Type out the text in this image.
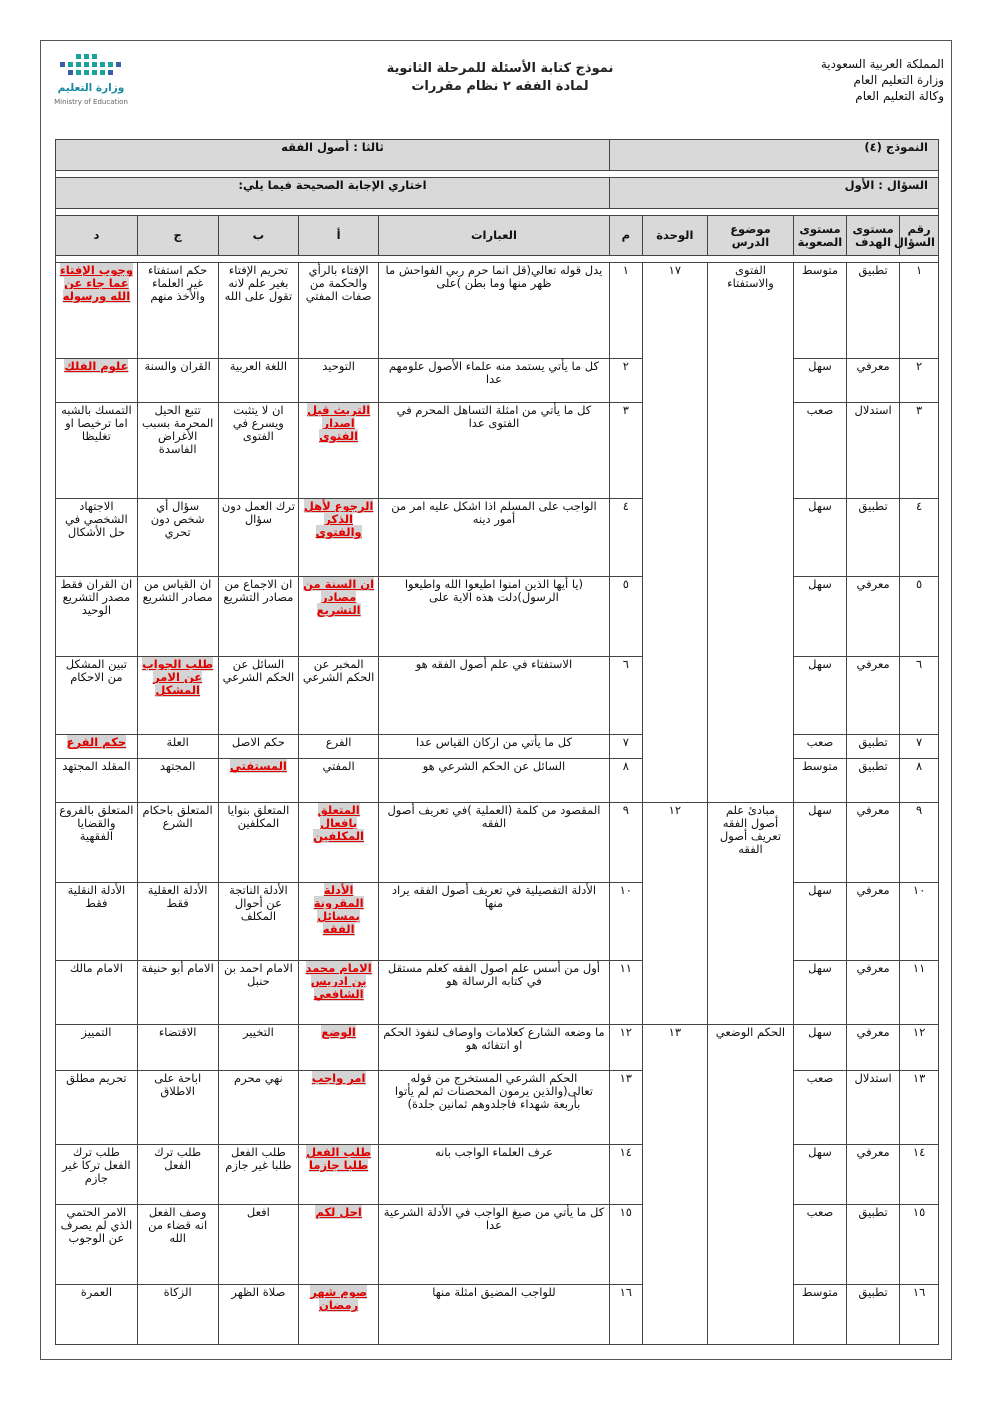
وزارة التعليم
Ministry of Education
نموذج كتابة الأسئلة للمرحلة الثانوية
لمادة الفقه ٢ نظام مقررات
المملكة العربية السعودية
وزارة التعليم العام
وكالة التعليم العام
النموذج (٤)						ثالثا : أصول الفقه				

السؤال : الأول						اختاري الإجابة الصحيحة فيما يلي:				

رقم السؤال	مستوى الهدف	مستوى الصعوبة	موضوع الدرس	الوحدة	م	العبارات	أ	ب	ج	د

١	تطبيق	متوسط	الفتوى والاستفتاء	١٧	١	يدل قوله تعالي(قل انما حرم ربي الفواحش ما ظهر منها وما بطن )على	الإفتاء بالرأي والحكمة من صفات المفتي	تحريم الإفتاء بغير علم لانه تقول على الله	حكم استفتاء غير العلماء والأخذ منهم	وجوب الإفتاء عما جاء عن الله ورسوله
٢	معرفي	سهل			٢	كل ما يأتي يستمد منه علماء الأصول علومهم عدا	التوحيد	اللغة العربية	القران والسنة	علوم الفلك
٣	استدلال	صعب			٣	كل ما يأتي من امثلة التساهل المحرم في الفتوى عدا	التريث قبل اصدار الفتوى	ان لا يتثبت ويسرع في الفتوى	تتبع الحيل المحرمة بسبب الأغراض الفاسدة	التمسك بالشبه اما ترخيصا او تغليظا
٤	تطبيق	سهل			٤	الواجب على المسلم اذا اشكل عليه امر من أمور دينه	الرجوع لأهل الذكر والفتوى	ترك العمل دون سؤال	سؤال أي شخص دون تحري	الاجتهاد الشخصي في حل الأشكال
٥	معرفي	سهل			٥	(يا أيها الذين امنوا اطيعوا الله واطيعوا الرسول)دلت هذه الاية على	ان السنة من مصادر التشريع	ان الاجماع من مصادر التشريع	ان القياس من مصادر التشريع	ان القران فقط مصدر التشريع الوحيد
٦	معرفي	سهل			٦	الاستفتاء في علم أصول الفقه هو	المخبر عن الحكم الشرعي	السائل عن الحكم الشرعي	طلب الجواب عن الامر المشكل	تبين المشكل من الاحكام
٧	تطبيق	صعب			٧	كل ما يأتي من اركان القياس عدا	الفرع	حكم الاصل	العلة	حكم الفرع
٨	تطبيق	متوسط			٨	السائل عن الحكم الشرعي هو	المفتي	المستفتي	المجتهد	المقلد المجتهد
٩	معرفي	سهل	مبادئ علم أصول الفقه تعريف أصول الفقه	١٢	٩	المقصود من كلمة (العملية )في تعريف أصول الفقه	المتعلق بافعال المكلفين	المتعلق بنوايا المكلفين	المتعلق باحكام الشرع	المتعلق بالفروع والقضايا الفقهية
١٠	معرفي	سهل			١٠	الأدلة التفصيلية في تعريف أصول الفقه يراد منها	الأدلة المقرونة بمسائل الفقه	الأدلة الناتجة عن أحوال المكلف	الأدلة العقلية فقط	الأدلة النقلية فقط
١١	معرفي	سهل			١١	أول من أسس علم اصول الفقه كعلم مستقل في كتابه الرسالة هو	الامام محمد بن ادريس الشافعي	الامام احمد بن حنبل	الامام أبو حنيفة	الامام مالك
١٢	معرفي	سهل	الحكم الوضعي	١٣	١٢	ما وضعه الشارع كعلامات واوصاف لنفوذ الحكم او انتفائه هو	الوضع	التخيير	الاقتضاء	التمييز
١٣	استدلال	صعب			١٣	الحكم الشرعي المستخرج من قوله تعالى(والذين يرمون المحصنات ثم لم يأتوا بأربعة شهداء فاجلدوهم ثمانين جلدة)	امر واجب	نهي محرم	اباحة على الاطلاق	تحريم مطلق
١٤	معرفي	سهل			١٤	عرف العلماء الواجب بانه	طلب الفعل طلبا جازما	طلب الفعل طلبا غير جازم	طلب ترك الفعل	طلب ترك الفعل تركا غير جازم
١٥	تطبيق	صعب			١٥	كل ما يأتي من صيغ الواجب في الأدلة الشرعية عدا	احل لكم	افعل	وصف الفعل انه قضاء من الله	الامر الحتمي الذي لم يصرف عن الوجوب
١٦	تطبيق	متوسط			١٦	للواجب المضيق امثلة منها	صوم شهر رمضان	صلاة الظهر	الزكاة	العمرة
